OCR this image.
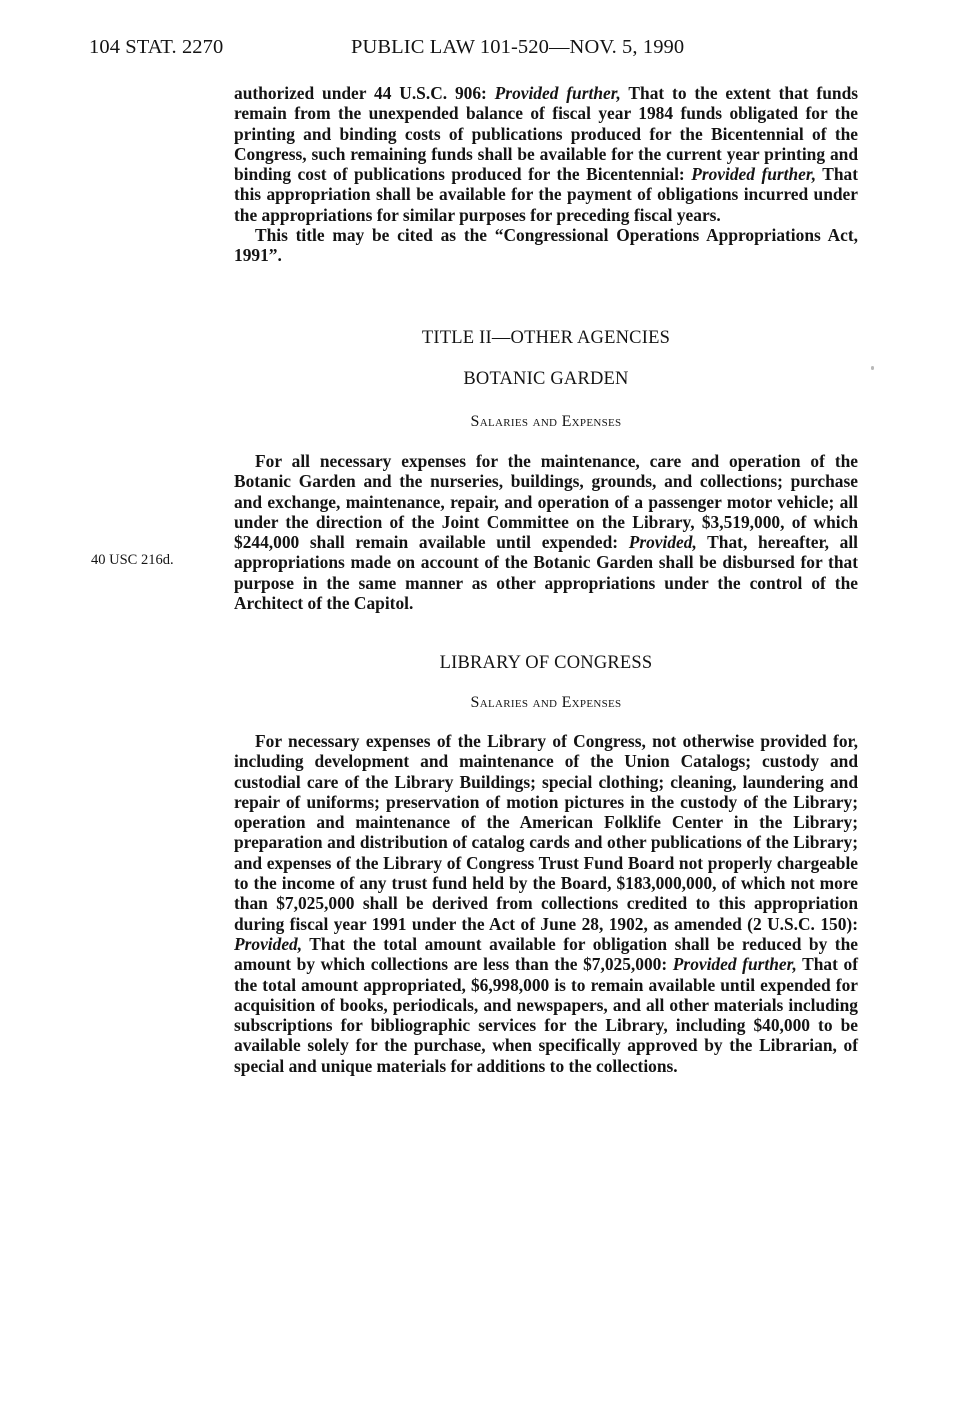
104 STAT. 2270	PUBLIC LAW 101-520—NOV. 5, 1990

authorized under 44 U.S.C. 906: Provided further, That to the extent that funds remain from the unexpended balance of fiscal year 1984 funds obligated for the printing and binding costs of publications produced for the Bicentennial of the Congress, such remaining funds shall be available for the current year printing and binding cost of publications produced for the Bicentennial: Provided further, That this appropriation shall be available for the payment of obligations incurred under the appropriations for similar purposes for preceding fiscal years.

This title may be cited as the “Congressional Operations Appropriations Act, 1991”.

TITLE II—OTHER AGENCIES
BOTANIC GARDEN
Salaries and Expenses
40 USC 216d.

For all necessary expenses for the maintenance, care and operation of the Botanic Garden and the nurseries, buildings, grounds, and collections; purchase and exchange, maintenance, repair, and operation of a passenger motor vehicle; all under the direction of the Joint Committee on the Library, $3,519,000, of which $244,000 shall remain available until expended: Provided, That, hereafter, all appropriations made on account of the Botanic Garden shall be disbursed for that purpose in the same manner as other appropriations under the control of the Architect of the Capitol.

LIBRARY OF CONGRESS
Salaries and Expenses

For necessary expenses of the Library of Congress, not otherwise provided for, including development and maintenance of the Union Catalogs; custody and custodial care of the Library Buildings; special clothing; cleaning, laundering and repair of uniforms; preservation of motion pictures in the custody of the Library; operation and maintenance of the American Folklife Center in the Library; preparation and distribution of catalog cards and other publications of the Library; and expenses of the Library of Congress Trust Fund Board not properly chargeable to the income of any trust fund held by the Board, $183,000,000, of which not more than $7,025,000 shall be derived from collections credited to this appropriation during fiscal year 1991 under the Act of June 28, 1902, as amended (2 U.S.C. 150): Provided, That the total amount available for obligation shall be reduced by the amount by which collections are less than the $7,025,000: Provided further, That of the total amount appropriated, $6,998,000 is to remain available until expended for acquisition of books, periodicals, and newspapers, and all other materials including subscriptions for bibliographic services for the Library, including $40,000 to be available solely for the purchase, when specifically approved by the Librarian, of special and unique materials for additions to the collections.
